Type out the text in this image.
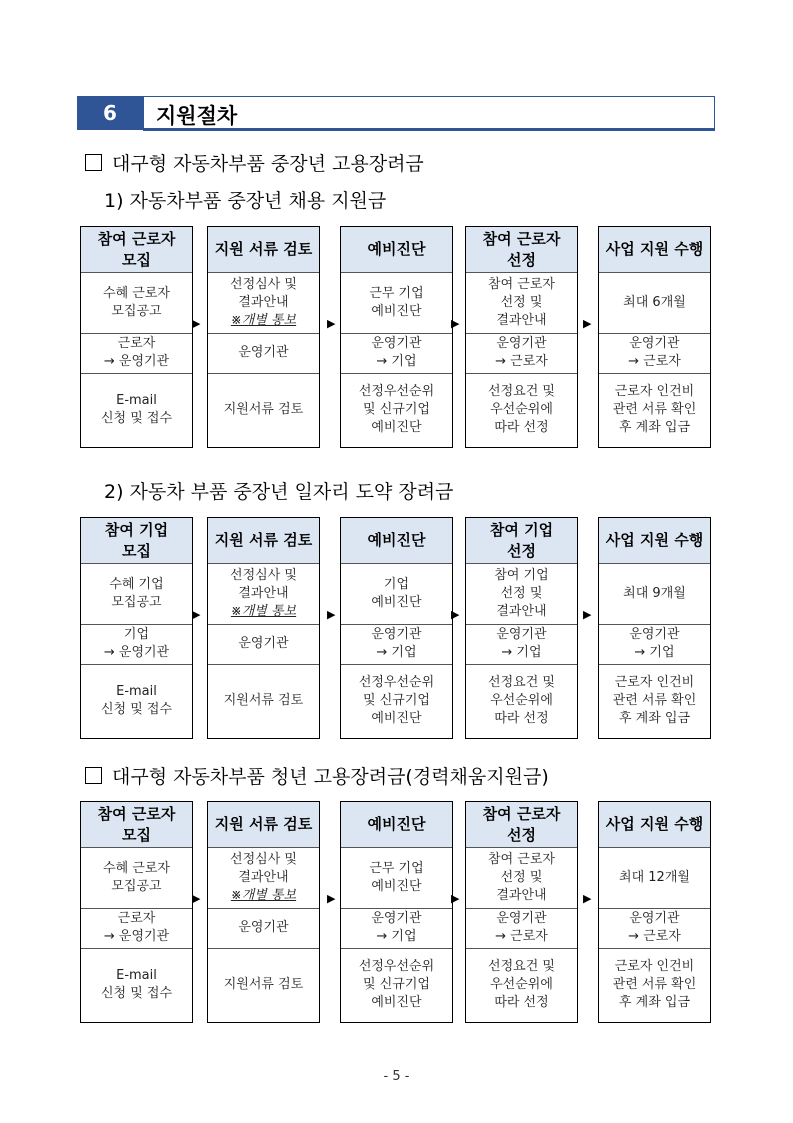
6	지원절차
대구형 자동차부품 중장년 고용장려금
1) 자동차부품 중장년 채용 지원금
참여 근로자
모집
수혜 근로자
모집공고
근로자
→ 운영기관
E-mail
신청 및 접수
▶
지원 서류 검토
선정심사 및
결과안내
※개별 통보
운영기관
지원서류 검토
▶
예비진단
근무 기업
예비진단
운영기관
→ 기업
선정우선순위
및 신규기업
예비진단
▶
참여 근로자
선정
참여 근로자
선정 및
결과안내
운영기관
→ 근로자
선정요건 및
우선순위에
따라 선정
▶
사업 지원 수행
최대 6개월
운영기관
→ 근로자
근로자 인건비
관련 서류 확인
후 계좌 입금
2) 자동차 부품 중장년 일자리 도약 장려금
참여 기업
모집
수혜 기업
모집공고
기업
→ 운영기관
E-mail
신청 및 접수
▶
지원 서류 검토
선정심사 및
결과안내
※개별 통보
운영기관
지원서류 검토
▶
예비진단
기업
예비진단
운영기관
→ 기업
선정우선순위
및 신규기업
예비진단
▶
참여 기업
선정
참여 기업
선정 및
결과안내
운영기관
→ 기업
선정요건 및
우선순위에
따라 선정
▶
사업 지원 수행
최대 9개월
운영기관
→ 기업
근로자 인건비
관련 서류 확인
후 계좌 입금
대구형 자동차부품 청년 고용장려금(경력채움지원금)
참여 근로자
모집
수혜 근로자
모집공고
근로자
→ 운영기관
E-mail
신청 및 접수
▶
지원 서류 검토
선정심사 및
결과안내
※개별 통보
운영기관
지원서류 검토
▶
예비진단
근무 기업
예비진단
운영기관
→ 기업
선정우선순위
및 신규기업
예비진단
▶
참여 근로자
선정
참여 근로자
선정 및
결과안내
운영기관
→ 근로자
선정요건 및
우선순위에
따라 선정
▶
사업 지원 수행
최대 12개월
운영기관
→ 근로자
근로자 인건비
관련 서류 확인
후 계좌 입금
- 5 -
